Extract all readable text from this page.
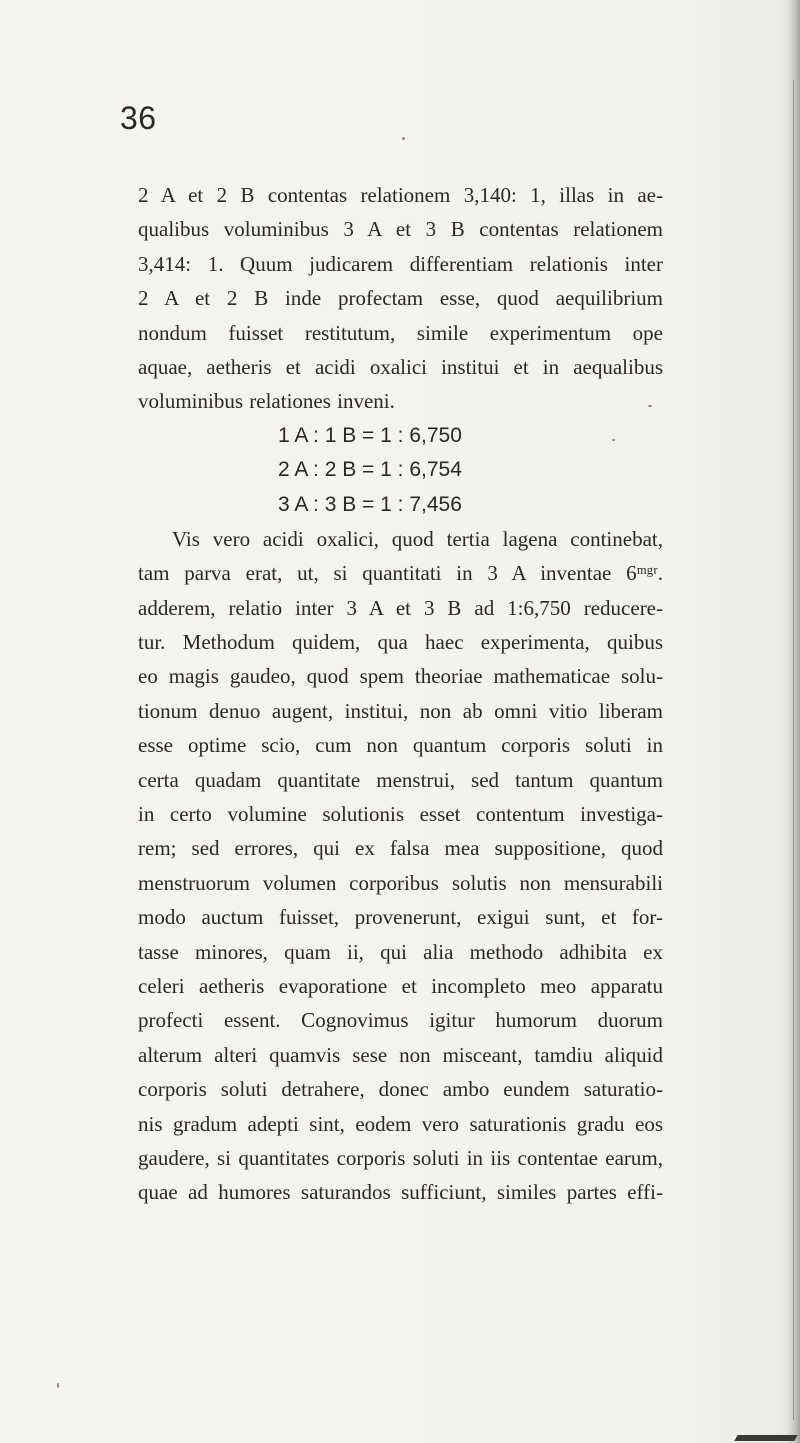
36
2 A et 2 B contentas relationem 3,140: 1, illas in ae-
qualibus voluminibus 3 A et 3 B contentas relationem
3,414: 1. Quum judicarem differentiam relationis inter
2 A et 2 B inde profectam esse, quod aequilibrium
nondum fuisset restitutum, simile experimentum ope
aquae, aetheris et acidi oxalici institui et in aequalibus
voluminibus relationes inveni.
1 A : 1 B = 1 : 6,750
2 A : 2 B = 1 : 6,754
3 A : 3 B = 1 : 7,456
Vis vero acidi oxalici, quod tertia lagena continebat,
tam parva erat, ut, si quantitati in 3 A inventae 6ᵐᵍʳ.
adderem, relatio inter 3 A et 3 B ad 1:6,750 reducere-
tur. Methodum quidem, qua haec experimenta, quibus
eo magis gaudeo, quod spem theoriae mathematicae solu-
tionum denuo augent, institui, non ab omni vitio liberam
esse optime scio, cum non quantum corporis soluti in
certa quadam quantitate menstrui, sed tantum quantum
in certo volumine solutionis esset contentum investiga-
rem; sed errores, qui ex falsa mea suppositione, quod
menstruorum volumen corporibus solutis non mensurabili
modo auctum fuisset, provenerunt, exigui sunt, et for-
tasse minores, quam ii, qui alia methodo adhibita ex
celeri aetheris evaporatione et incompleto meo apparatu
profecti essent. Cognovimus igitur humorum duorum
alterum alteri quamvis sese non misceant, tamdiu aliquid
corporis soluti detrahere, donec ambo eundem saturatio-
nis gradum adepti sint, eodem vero saturationis gradu eos
gaudere, si quantitates corporis soluti in iis contentae earum,
quae ad humores saturandos sufficiunt, similes partes effi-
